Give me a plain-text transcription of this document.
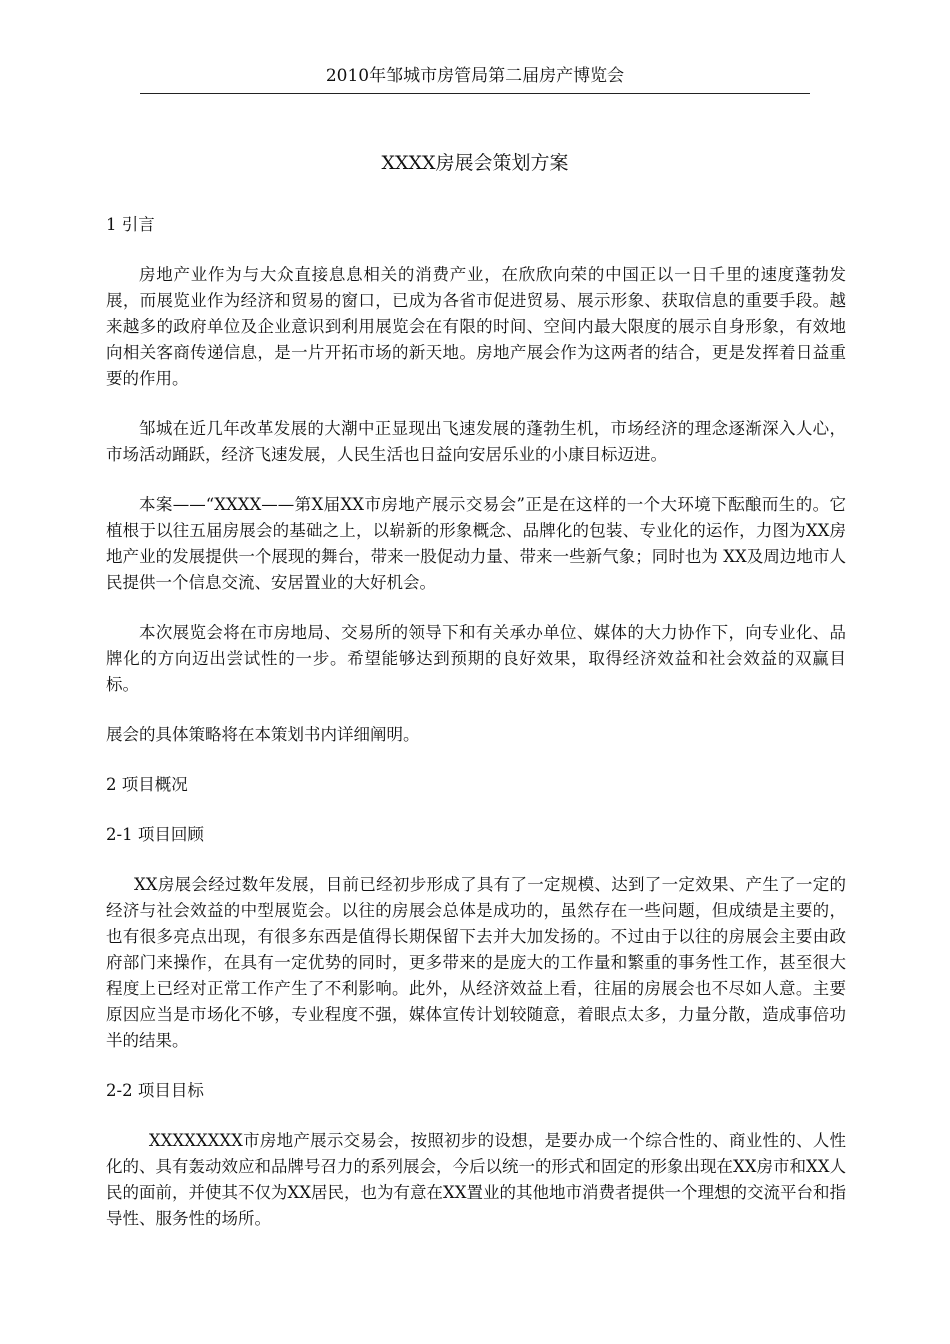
2010年邹城市房管局第二届房产博览会
XXXX房展会策划方案

1 引言

房地产业作为与大众直接息息相关的消费产业，在欣欣向荣的中国正以一日千里的速度蓬勃发展，而展览业作为经济和贸易的窗口，已成为各省市促进贸易、展示形象、获取信息的重要手段。越来越多的政府单位及企业意识到利用展览会在有限的时间、空间内最大限度的展示自身形象，有效地向相关客商传递信息，是一片开拓市场的新天地。房地产展会作为这两者的结合，更是发挥着日益重要的作用。

邹城在近几年改革发展的大潮中正显现出飞速发展的蓬勃生机，市场经济的理念逐渐深入人心，市场活动踊跃，经济飞速发展，人民生活也日益向安居乐业的小康目标迈进。

本案——“XXXX——第X届XX市房地产展示交易会”正是在这样的一个大环境下酝酿而生的。它植根于以往五届房展会的基础之上，以崭新的形象概念、品牌化的包装、专业化的运作，力图为XX房地产业的发展提供一个展现的舞台，带来一股促动力量、带来一些新气象；同时也为 XX及周边地市人民提供一个信息交流、安居置业的大好机会。

本次展览会将在市房地局、交易所的领导下和有关承办单位、媒体的大力协作下，向专业化、品牌化的方向迈出尝试性的一步。希望能够达到预期的良好效果，取得经济效益和社会效益的双赢目标。

展会的具体策略将在本策划书内详细阐明。

2 项目概况

2-1 项目回顾

XX房展会经过数年发展，目前已经初步形成了具有了一定规模、达到了一定效果、产生了一定的经济与社会效益的中型展览会。以往的房展会总体是成功的，虽然存在一些问题，但成绩是主要的，也有很多亮点出现，有很多东西是值得长期保留下去并大加发扬的。不过由于以往的房展会主要由政府部门来操作，在具有一定优势的同时，更多带来的是庞大的工作量和繁重的事务性工作，甚至很大程度上已经对正常工作产生了不利影响。此外，从经济效益上看，往届的房展会也不尽如人意。主要原因应当是市场化不够，专业程度不强，媒体宣传计划较随意，着眼点太多，力量分散，造成事倍功半的结果。

2-2 项目目标

XXXXXXXX市房地产展示交易会，按照初步的设想，是要办成一个综合性的、商业性的、人性化的、具有轰动效应和品牌号召力的系列展会，今后以统一的形式和固定的形象出现在XX房市和XX人民的面前，并使其不仅为XX居民，也为有意在XX置业的其他地市消费者提供一个理想的交流平台和指导性、服务性的场所。
